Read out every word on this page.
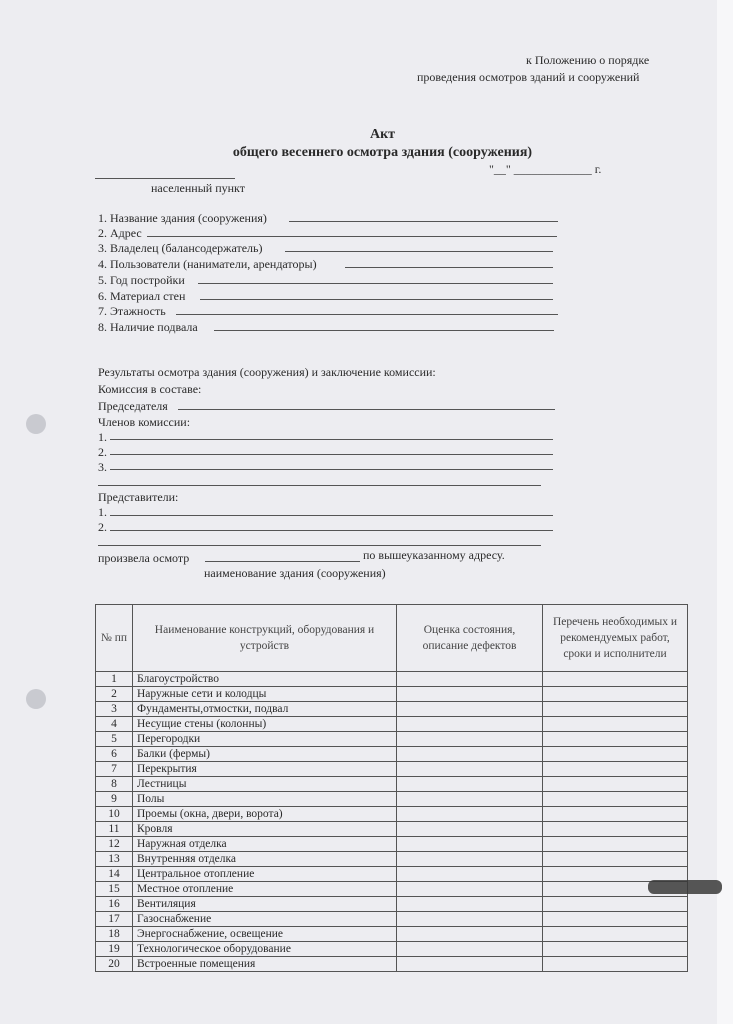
к Положению о порядке
проведения осмотров зданий и сооружений
Акт
общего весеннего осмотра здания (сооружения)
"__" _____________ г.
населенный пункт
1. Название здания (сооружения)
2. Адрес
3. Владелец (балансодержатель)
4. Пользователи (наниматели, арендаторы)
5. Год постройки
6. Материал стен
7. Этажность
8. Наличие подвала
Результаты осмотра здания (сооружения) и заключение комиссии:
Комиссия в составе:
Председателя
Членов комиссии:
1.
2.
3.
Представители:
1.
2.
произвела осмотр	по вышеуказанному адресу.
наименование здания (сооружения)
№ пп	Наименование конструкций, оборудования и устройств	Оценка состояния, описание дефектов	Перечень необходимых и рекомендуемых работ, сроки и исполнители
1	Благоустройство		
2	Наружные сети и колодцы		
3	Фундаменты,отмостки, подвал		
4	Несущие стены (колонны)		
5	Перегородки		
6	Балки (фермы)		
7	Перекрытия		
8	Лестницы		
9	Полы		
10	Проемы (окна, двери, ворота)		
11	Кровля		
12	Наружная отделка		
13	Внутренняя отделка		
14	Центральное отопление		
15	Местное отопление		
16	Вентиляция		
17	Газоснабжение		
18	Энергоснабжение, освещение		
19	Технологическое оборудование		
20	Встроенные помещения		
